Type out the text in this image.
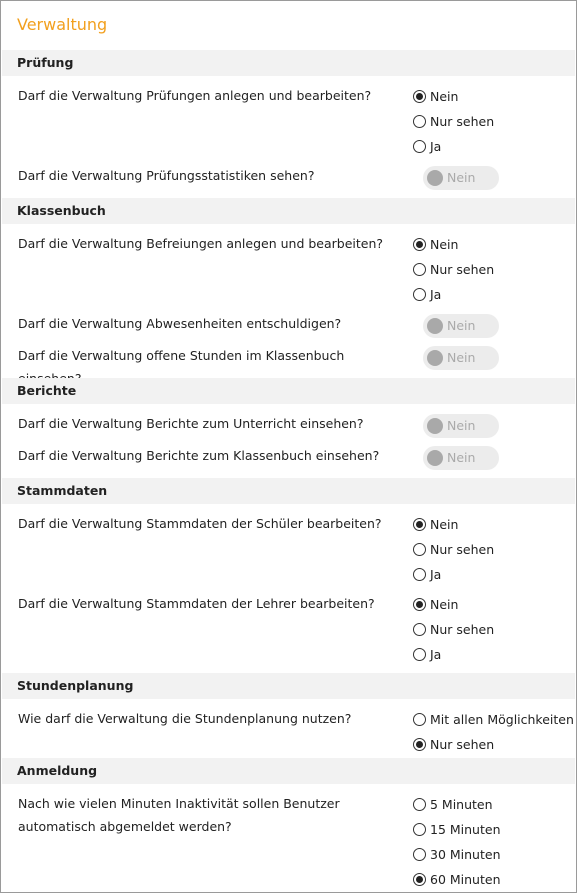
Verwaltung
Prüfung
Darf die Verwaltung Prüfungen anlegen und bearbeiten?	Nein
Nur sehen
Ja
Darf die Verwaltung Prüfungsstatistiken sehen?	Nein
Klassenbuch
Darf die Verwaltung Befreiungen anlegen und bearbeiten?	Nein
Nur sehen
Ja
Darf die Verwaltung Abwesenheiten entschuldigen?	Nein
Darf die Verwaltung offene Stunden im Klassenbuch	Nein
Berichte
Darf die Verwaltung Berichte zum Unterricht einsehen?	Nein
Darf die Verwaltung Berichte zum Klassenbuch einsehen?	Nein
Stammdaten
Darf die Verwaltung Stammdaten der Schüler bearbeiten?	Nein
Nur sehen
Ja
Darf die Verwaltung Stammdaten der Lehrer bearbeiten?	Nein
Nur sehen
Ja
Stundenplanung
Wie darf die Verwaltung die Stundenplanung nutzen?	Mit allen Möglichkeiten
Nur sehen
Anmeldung
Nach wie vielen Minuten Inaktivität sollen Benutzer automatisch abgemeldet werden?
5 Minuten
15 Minuten
30 Minuten
60 Minuten
